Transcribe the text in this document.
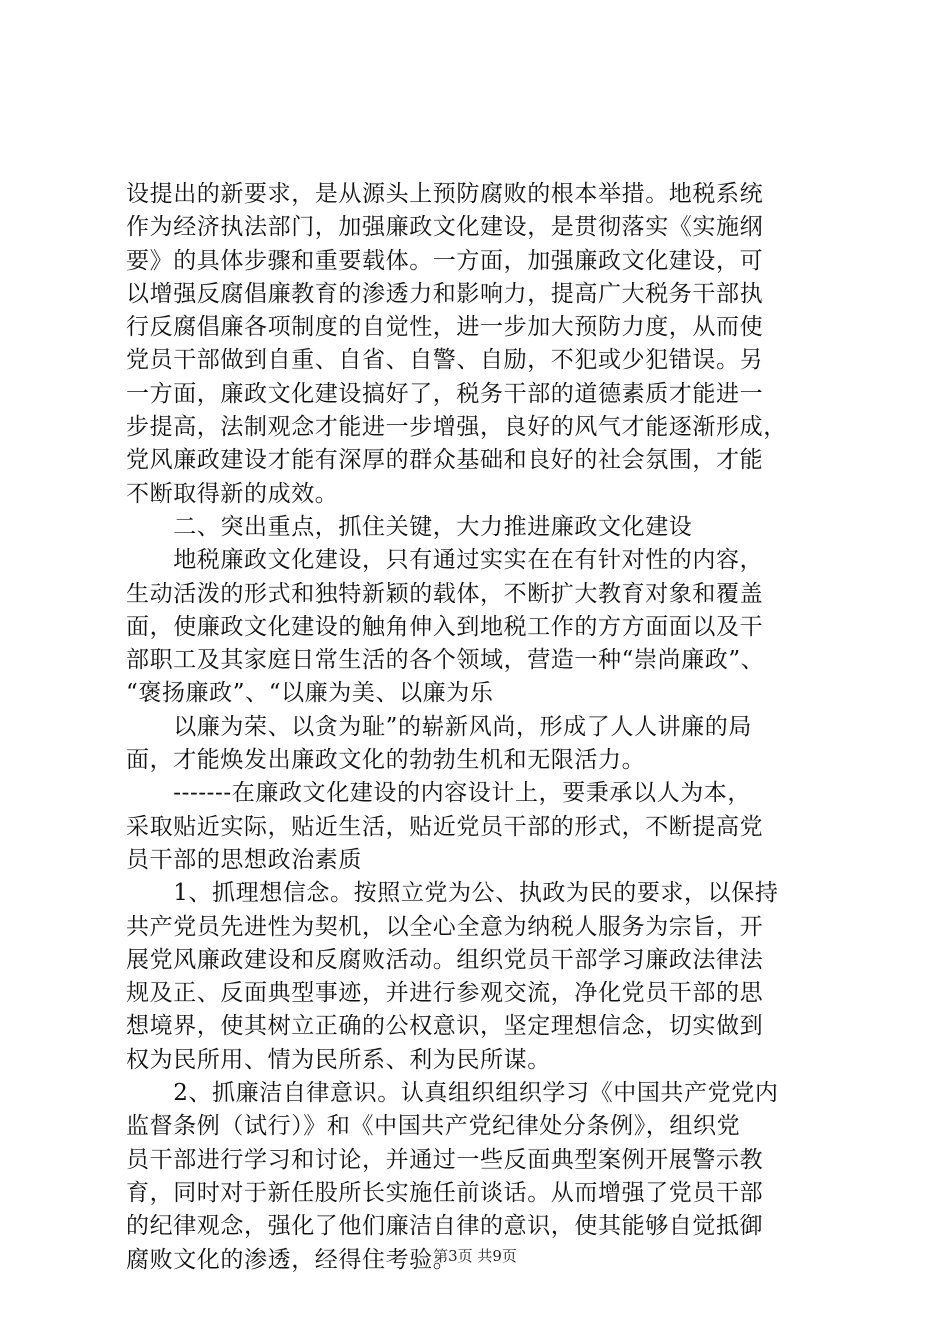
设提出的新要求，是从源头上预防腐败的根本举措。地税系统
作为经济执法部门，加强廉政文化建设，是贯彻落实《实施纲
要》的具体步骤和重要载体。一方面，加强廉政文化建设，可
以增强反腐倡廉教育的渗透力和影响力，提高广大税务干部执
行反腐倡廉各项制度的自觉性，进一步加大预防力度，从而使
党员干部做到自重、自省、自警、自励，不犯或少犯错误。另
一方面，廉政文化建设搞好了，税务干部的道德素质才能进一
步提高，法制观念才能进一步增强，良好的风气才能逐渐形成，
党风廉政建设才能有深厚的群众基础和良好的社会氛围，才能
不断取得新的成效。
　　二、突出重点，抓住关键，大力推进廉政文化建设
　　地税廉政文化建设，只有通过实实在在有针对性的内容，
生动活泼的形式和独特新颖的载体，不断扩大教育对象和覆盖
面，使廉政文化建设的触角伸入到地税工作的方方面面以及干
部职工及其家庭日常生活的各个领域，营造一种“崇尚廉政”、
“褒扬廉政”、“以廉为美、以廉为乐
　　以廉为荣、以贪为耻”的崭新风尚，形成了人人讲廉的局
面，才能焕发出廉政文化的勃勃生机和无限活力。
　　-------在廉政文化建设的内容设计上，要秉承以人为本，
采取贴近实际，贴近生活，贴近党员干部的形式，不断提高党
员干部的思想政治素质
　　1、抓理想信念。按照立党为公、执政为民的要求，以保持
共产党员先进性为契机，以全心全意为纳税人服务为宗旨，开
展党风廉政建设和反腐败活动。组织党员干部学习廉政法律法
规及正、反面典型事迹，并进行参观交流，净化党员干部的思
想境界，使其树立正确的公权意识，坚定理想信念，切实做到
权为民所用、情为民所系、利为民所谋。
　　2、抓廉洁自律意识。认真组织组织学习《中国共产党党内
监督条例（试行）》和《中国共产党纪律处分条例》，组织党
员干部进行学习和讨论，并通过一些反面典型案例开展警示教
育，同时对于新任股所长实施任前谈话。从而增强了党员干部
的纪律观念，强化了他们廉洁自律的意识，使其能够自觉抵御
腐败文化的渗透，经得住考验。
第3页 共9页
